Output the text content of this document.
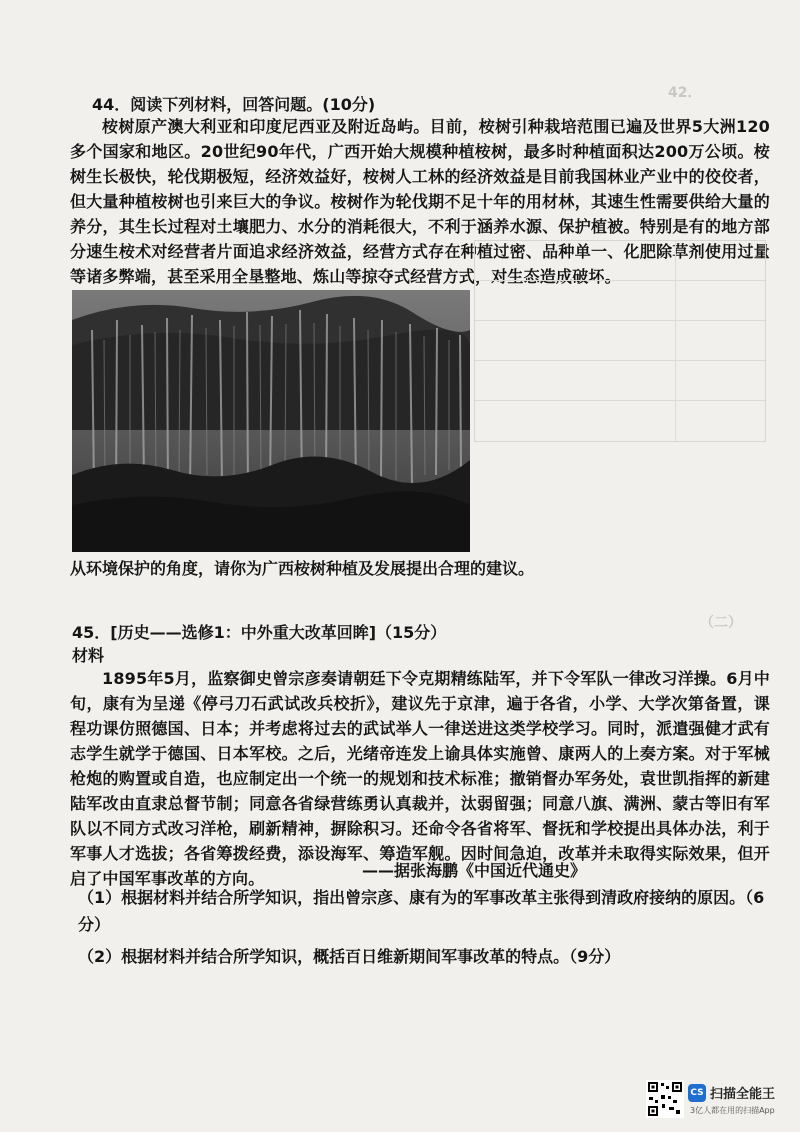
42．
（二）
44．阅读下列材料，回答问题。(10分)
桉树原产澳大利亚和印度尼西亚及附近岛屿。目前，桉树引种栽培范围已遍及世界5大洲120多个国家和地区。20世纪90年代，广西开始大规模种植桉树，最多时种植面积达200万公顷。桉树生长极快，轮伐期极短，经济效益好，桉树人工林的经济效益是目前我国林业产业中的佼佼者，但大量种植桉树也引来巨大的争议。桉树作为轮伐期不足十年的用材林，其速生性需要供给大量的养分，其生长过程对土壤肥力、水分的消耗很大，不利于涵养水源、保护植被。特别是有的地方部分速生桉术对经营者片面追求经济效益，经营方式存在种植过密、品种单一、化肥除草剂使用过量等诸多弊端，甚至采用全垦整地、炼山等掠夺式经营方式，对生态造成破坏。
从环境保护的角度，请你为广西桉树种植及发展提出合理的建议。
45．[历史——选修1：中外重大改革回眸]（15分）
材料
1895年5月，监察御史曾宗彦奏请朝廷下令克期精练陆军，并下令军队一律改习洋操。6月中旬，康有为呈递《停弓刀石武试改兵校折》，建议先于京津，遍于各省，小学、大学次第备置，课程功课仿照德国、日本；并考虑将过去的武试举人一律送进这类学校学习。同时，派遣强健才武有志学生就学于德国、日本军校。之后，光绪帝连发上谕具体实施曾、康两人的上奏方案。对于军械枪炮的购置或自造，也应制定出一个统一的规划和技术标准；撤销督办军务处，袁世凯指挥的新建陆军改由直隶总督节制；同意各省绿营练勇认真裁并，汰弱留强；同意八旗、满洲、蒙古等旧有军队以不同方式改习洋枪，刷新精神，摒除积习。还命令各省将军、督抚和学校提出具体办法，利于军事人才选拔；各省筹拨经费，添设海军、筹造军舰。因时间急迫，改革并未取得实际效果，但开启了中国军事改革的方向。	——据张海鹏《中国近代通史》
（1）根据材料并结合所学知识，指出曾宗彦、康有为的军事改革主张得到清政府接纳的原因。（6分）
（2）根据材料并结合所学知识，概括百日维新期间军事改革的特点。（9分）
CS 扫描全能王
3亿人都在用的扫描App
